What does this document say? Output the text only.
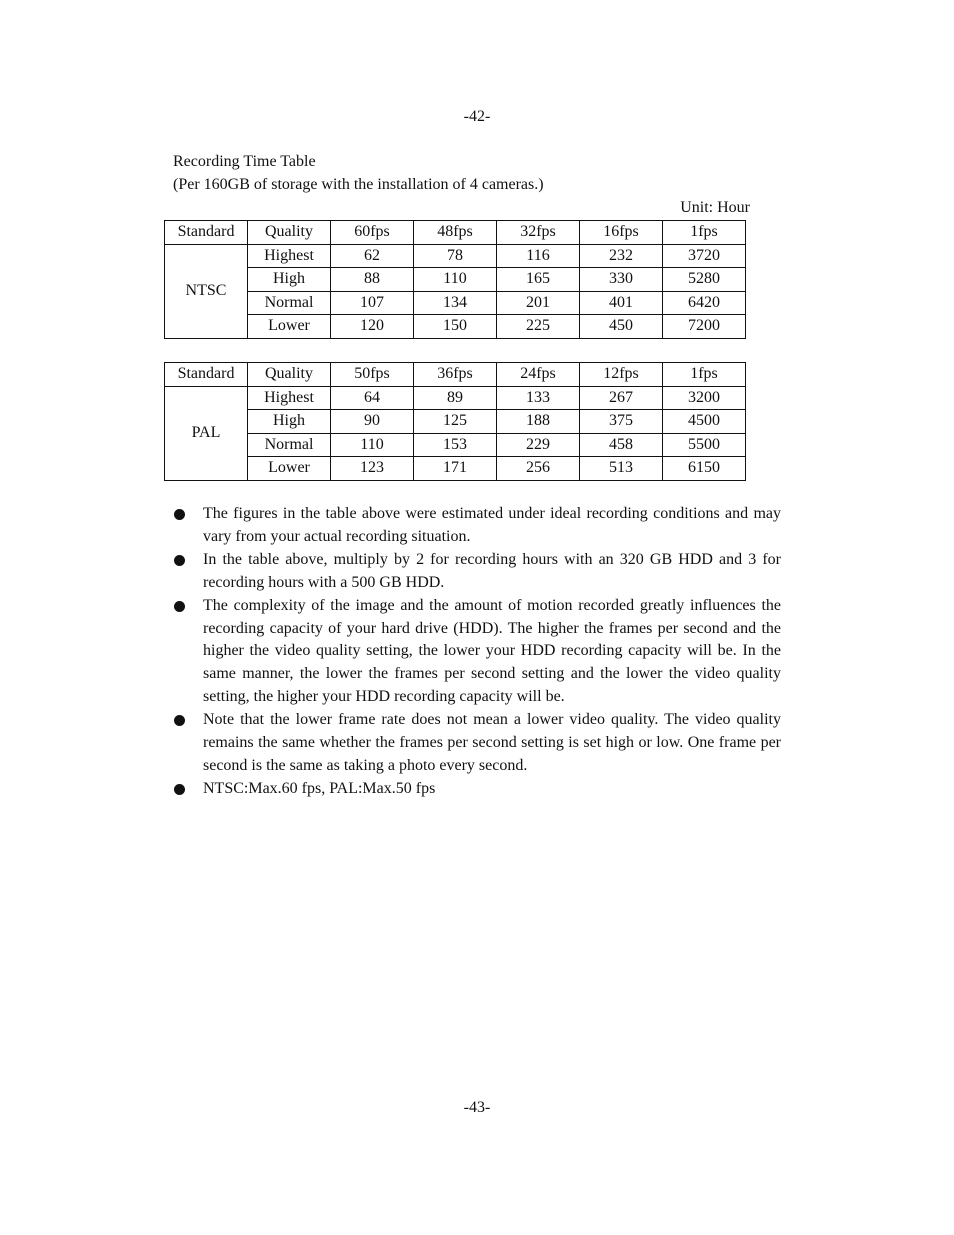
-42-
Recording Time Table
(Per 160GB of storage with the installation of 4 cameras.)
Unit: Hour
Standard	Quality	60fps	48fps	32fps	16fps	1fps
NTSC	Highest	62	78	116	232	3720
	High	88	110	165	330	5280
	Normal	107	134	201	401	6420
	Lower	120	150	225	450	7200
Standard	Quality	50fps	36fps	24fps	12fps	1fps
PAL	Highest	64	89	133	267	3200
	High	90	125	188	375	4500
	Normal	110	153	229	458	5500
	Lower	123	171	256	513	6150
The figures in the table above were estimated under ideal recording conditions and may vary from your actual recording situation.
In the table above, multiply by 2 for recording hours with an 320 GB HDD and 3 for recording hours with a 500 GB HDD.
The complexity of the image and the amount of motion recorded greatly influences the recording capacity of your hard drive (HDD). The higher the frames per second and the higher the video quality setting, the lower your HDD recording capacity will be. In the same manner, the lower the frames per second setting and the lower the video quality setting, the higher your HDD recording capacity will be.
Note that the lower frame rate does not mean a lower video quality. The video quality remains the same whether the frames per second setting is set high or low. One frame per second is the same as taking a photo every second.
NTSC:Max.60 fps, PAL:Max.50 fps
-43-
